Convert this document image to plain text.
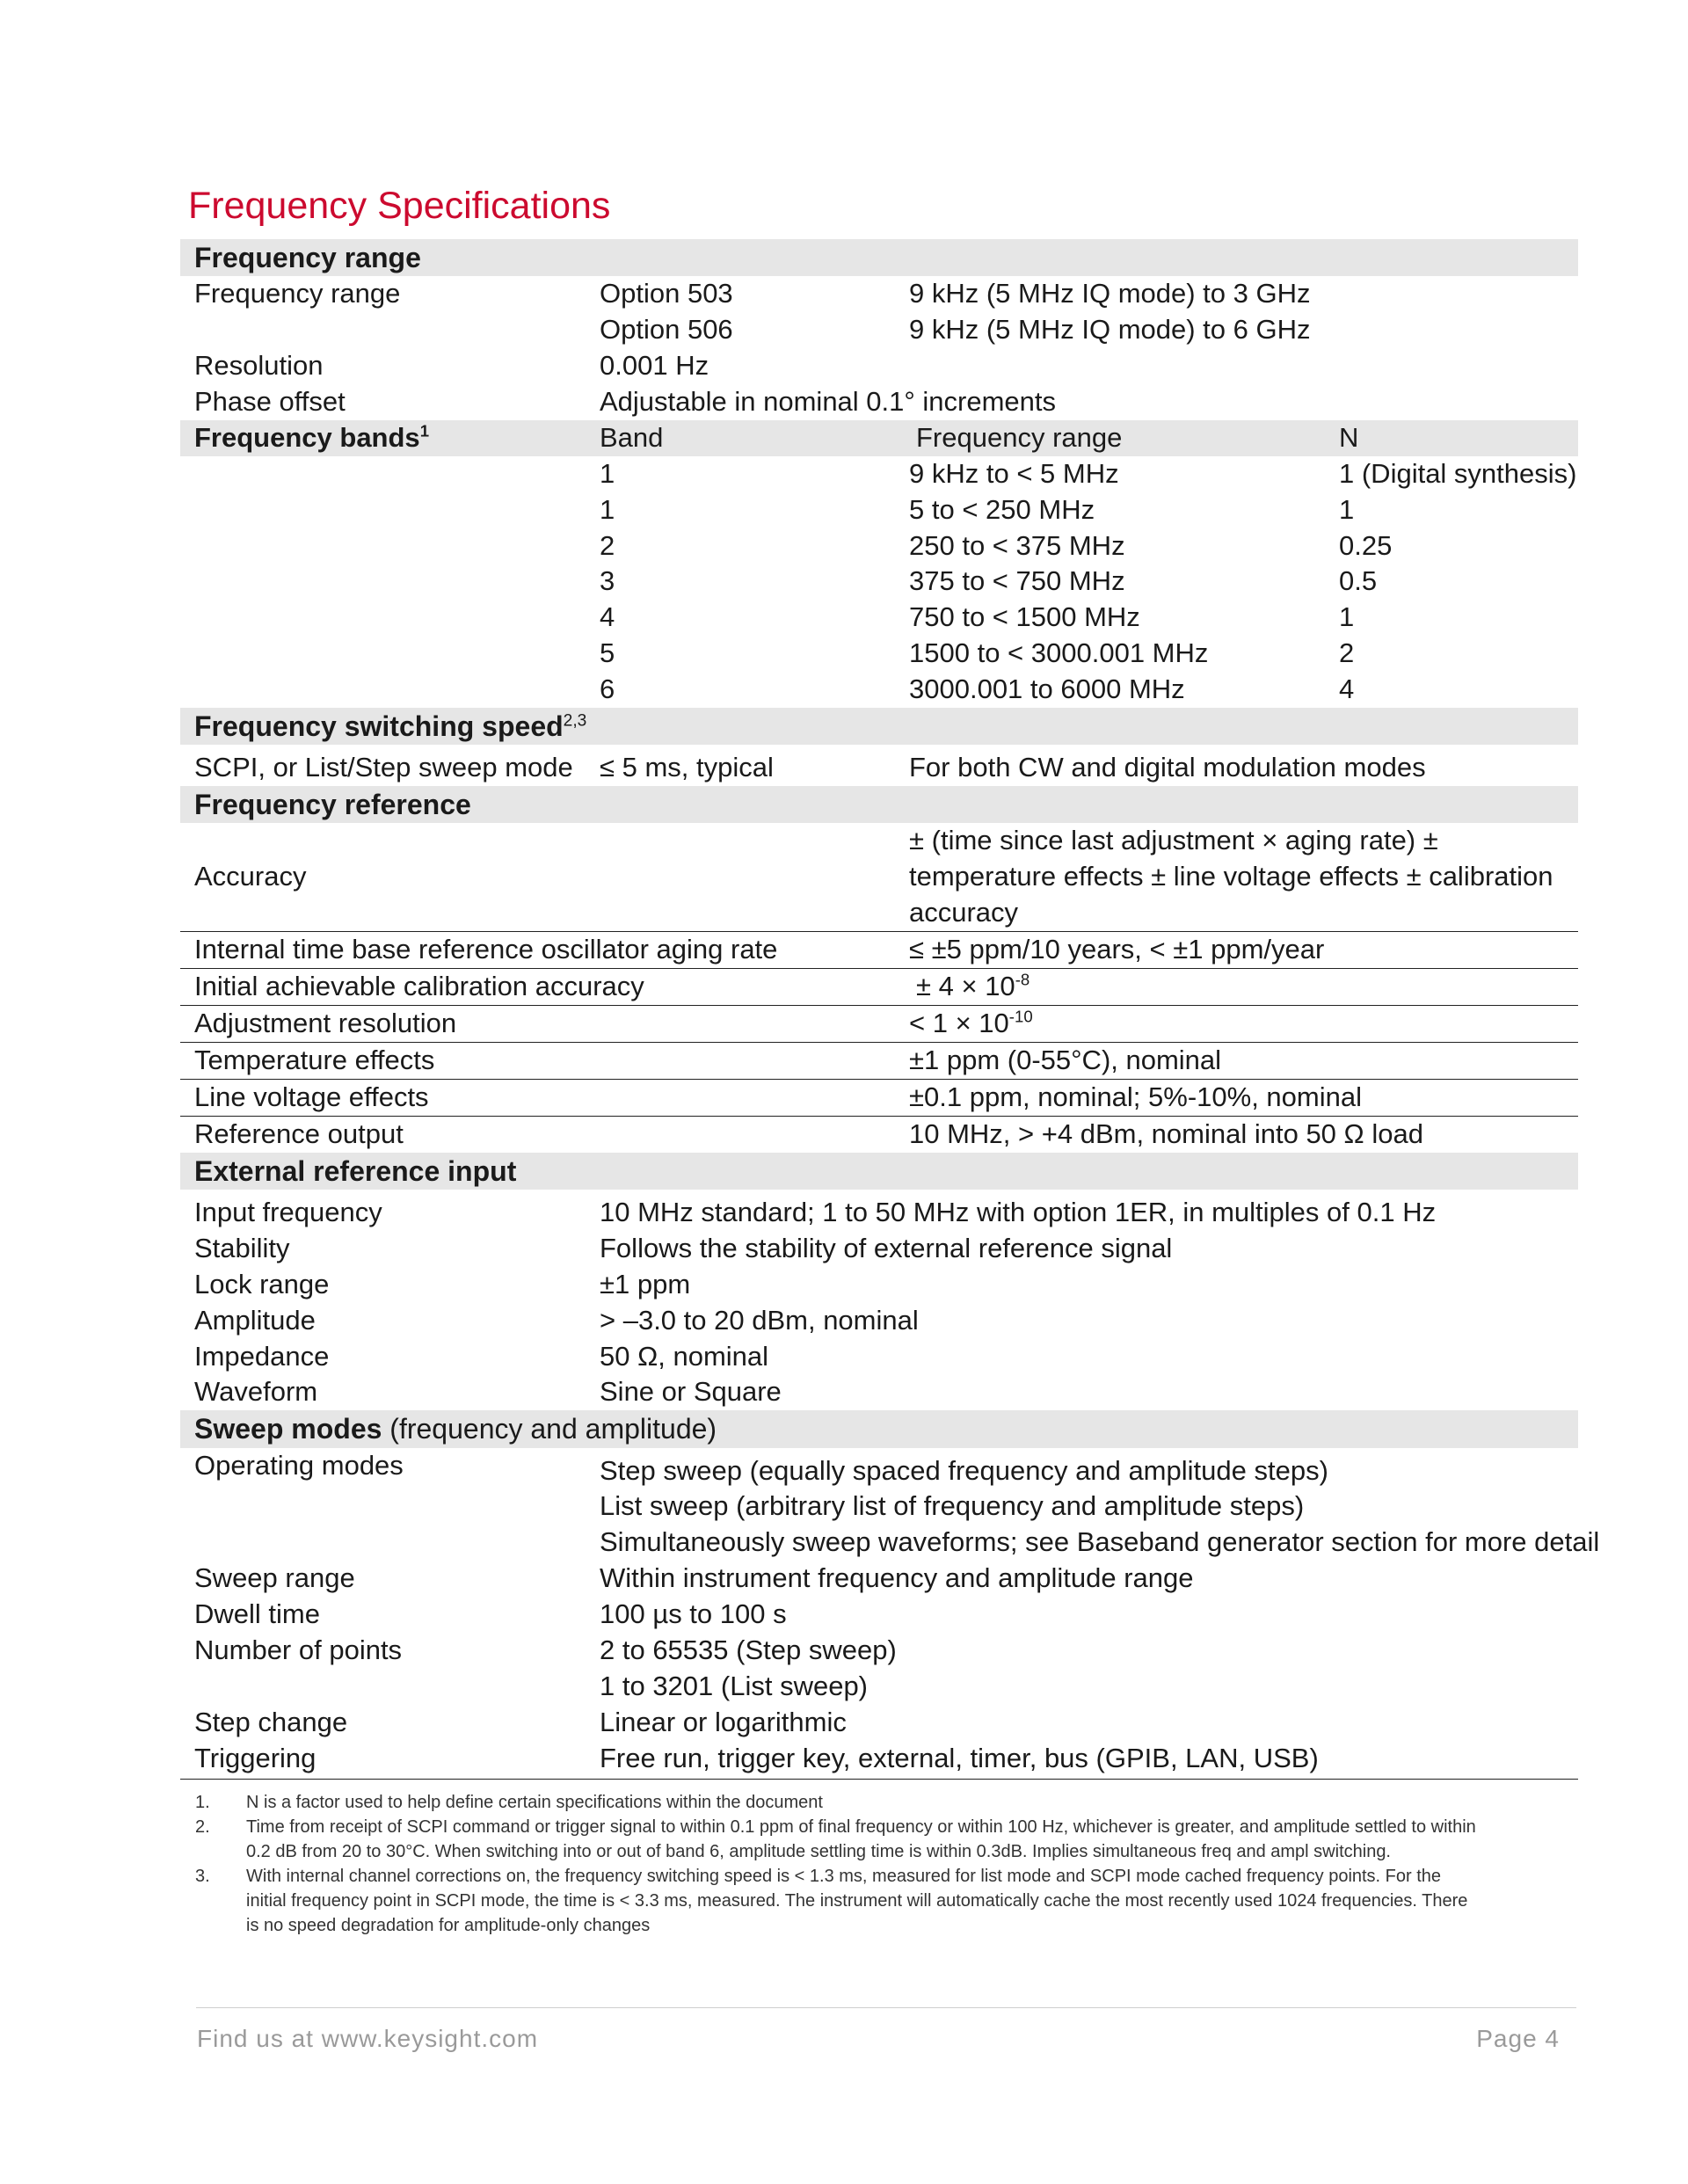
Frequency Specifications
Frequency range			
Frequency range	Option 503	9 kHz (5 MHz IQ mode) to 3 GHz	
	Option 506	9 kHz (5 MHz IQ mode) to 6 GHz	
Resolution	0.001 Hz		
Phase offset	Adjustable in nominal 0.1° increments		
Frequency bands$^1$	Band	Frequency range	N
	1	9 kHz to < 5 MHz	1 (Digital synthesis)
	1	5 to < 250 MHz	1
	2	250 to < 375 MHz	0.25
	3	375 to < 750 MHz	0.5
	4	750 to < 1500 MHz	1
	5	1500 to < 3000.001 MHz	2
	6	3000.001 to 6000 MHz	4
Frequency switching speed$^{2,3}$
SCPI, or List/Step sweep mode	≤ 5 ms, typical	For both CW and digital modulation modes	
Frequency reference			
Accuracy		± (time since last adjustment × aging rate) ± temperature effects ± line voltage effects ± calibration accuracy	
Internal time base reference oscillator aging rate		≤ ±5 ppm/10 years, < ±1 ppm/year	
Initial achievable calibration accuracy		± $4 \times 10^{-8}$
Adjustment resolution		< $1 \times 10^{-10}$
Temperature effects		±1 ppm (0-55°C), nominal	
Line voltage effects		±0.1 ppm, nominal; 5%-10%, nominal	
Reference output		10 MHz, > +4 dBm, nominal into 50 Ω load	
External reference input			
Input frequency	10 MHz standard; 1 to 50 MHz with option 1ER, in multiples of 0.1 Hz		
Stability	Follows the stability of external reference signal		
Lock range	±1 ppm		
Amplitude	> –3.0 to 20 dBm, nominal		
Impedance	50 Ω, nominal		
Waveform	Sine or Square		
Sweep modes (frequency and amplitude)			
Operating modes	Step sweep (equally spaced frequency and amplitude steps)		
	List sweep (arbitrary list of frequency and amplitude steps)		
	Simultaneously sweep waveforms; see Baseband generator section for more detail		
Sweep range	Within instrument frequency and amplitude range		
Dwell time	100 µs to 100 s		
Number of points	2 to 65535 (Step sweep)		
	1 to 3201 (List sweep)		
Step change	Linear or logarithmic		
Triggering	Free run, trigger key, external, timer, bus (GPIB, LAN, USB)		
1. N is a factor used to help define certain specifications within the document
2. Time from receipt of SCPI command or trigger signal to within 0.1 ppm of final frequency or within 100 Hz, whichever is greater, and amplitude settled to within 0.2 dB from 20 to 30°C. When switching into or out of band 6, amplitude settling time is within 0.3dB. Implies simultaneous freq and ampl switching.
3. With internal channel corrections on, the frequency switching speed is < 1.3 ms, measured for list mode and SCPI mode cached frequency points. For the initial frequency point in SCPI mode, the time is < 3.3 ms, measured. The instrument will automatically cache the most recently used 1024 frequencies. There is no speed degradation for amplitude-only changes
Find us at www.keysight.com	Page 4
